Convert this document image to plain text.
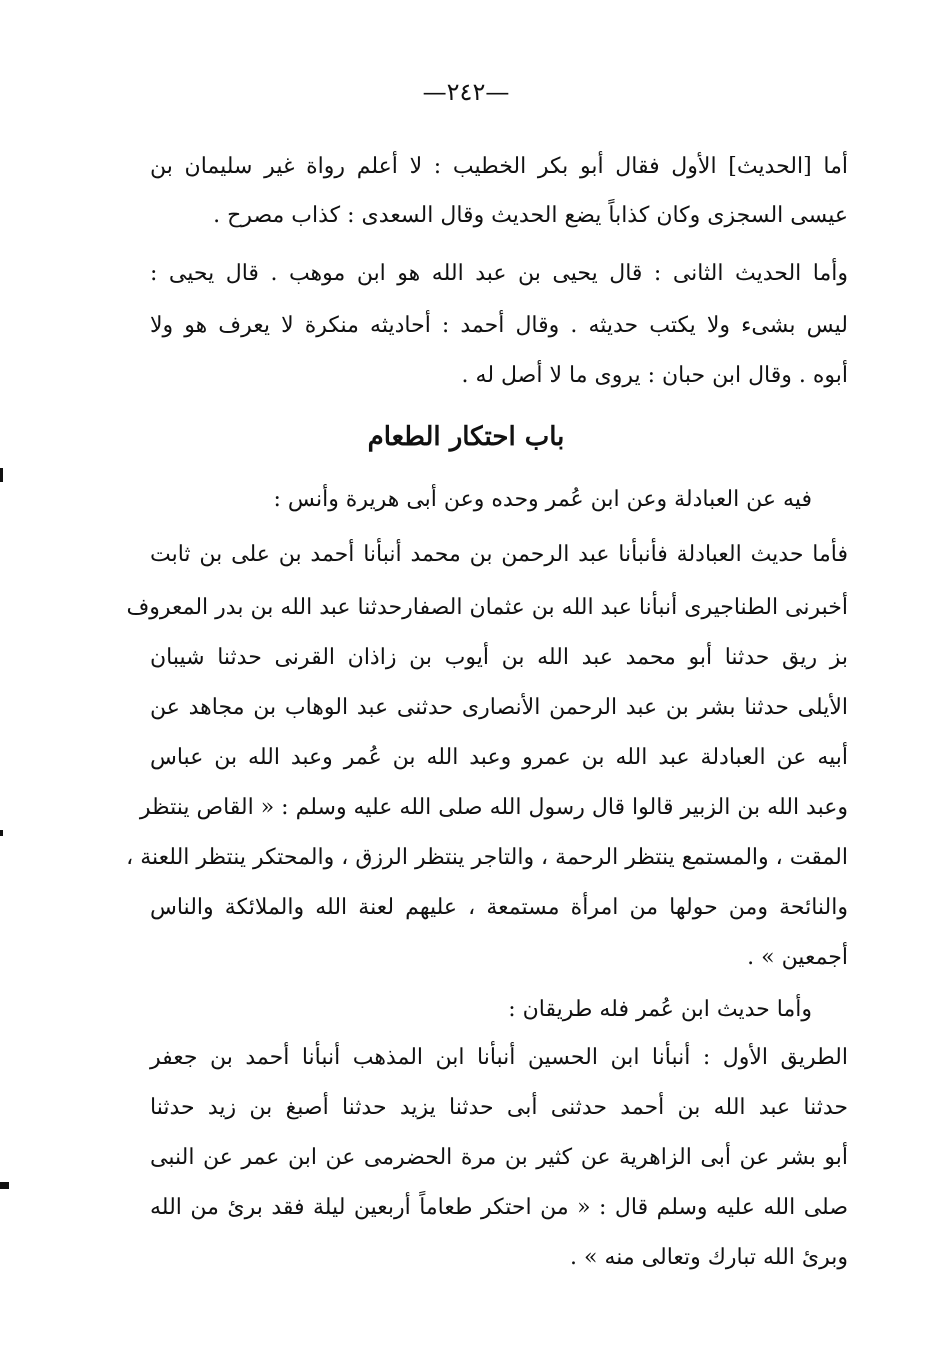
—٢٤٢—
أما [الحديث] الأول فقال أبو بكر الخطيب : لا أعلم رواة غير سليمان بن
عيسى السجزى وكان كذاباً يضع الحديث وقال السعدى : كذاب مصرح .
وأما الحديث الثانى : قال يحيى بن عبد الله هو ابن موهب . قال يحيى :
ليس بشىء ولا يكتب حديثه . وقال أحمد : أحاديثه منكرة لا يعرف هو ولا
أبوه . وقال ابن حبان : يروى ما لا أصل له .
باب احتكار الطعام
فيه عن العبادلة وعن ابن عُمر وحده وعن أبى هريرة وأنس :
فأما حديث العبادلة فأنبأنا عبد الرحمن بن محمد أنبأنا أحمد بن على بن ثابت
أخبرنى الطناجيرى أنبأنا عبد الله بن عثمان الصفارحدثنا عبد الله بن بدر المعروف
بز ريق حدثنا أبو محمد عبد الله بن أيوب بن زاذان القرنى حدثنا شيبان
الأيلى حدثنا بشر بن عبد الرحمن الأنصارى حدثنى عبد الوهاب بن مجاهد عن
أبيه عن العبادلة عبد الله بن عمرو وعبد الله بن عُمر وعبد الله بن عباس
وعبد الله بن الزبير قالوا قال رسول الله صلى الله عليه وسلم : « القاص ينتظر
المقت ، والمستمع ينتظر الرحمة ، والتاجر ينتظر الرزق ، والمحتكر ينتظر اللعنة ،
والنائحة ومن حولها من امرأة مستمعة ، عليهم لعنة الله والملائكة والناس
أجمعين » .
وأما حديث ابن عُمر فله طريقان :
الطريق الأول : أنبأنا ابن الحسين أنبأنا ابن المذهب أنبأنا أحمد بن جعفر
حدثنا عبد الله بن أحمد حدثنى أبى حدثنا يزيد حدثنا أصبغ بن زيد حدثنا
أبو بشر عن أبى الزاهرية عن كثير بن مرة الحضرمى عن ابن عمر عن النبى
صلى الله عليه وسلم قال : « من احتكر طعاماً أربعين ليلة فقد برئ من الله
وبرئ الله تبارك وتعالى منه » .
